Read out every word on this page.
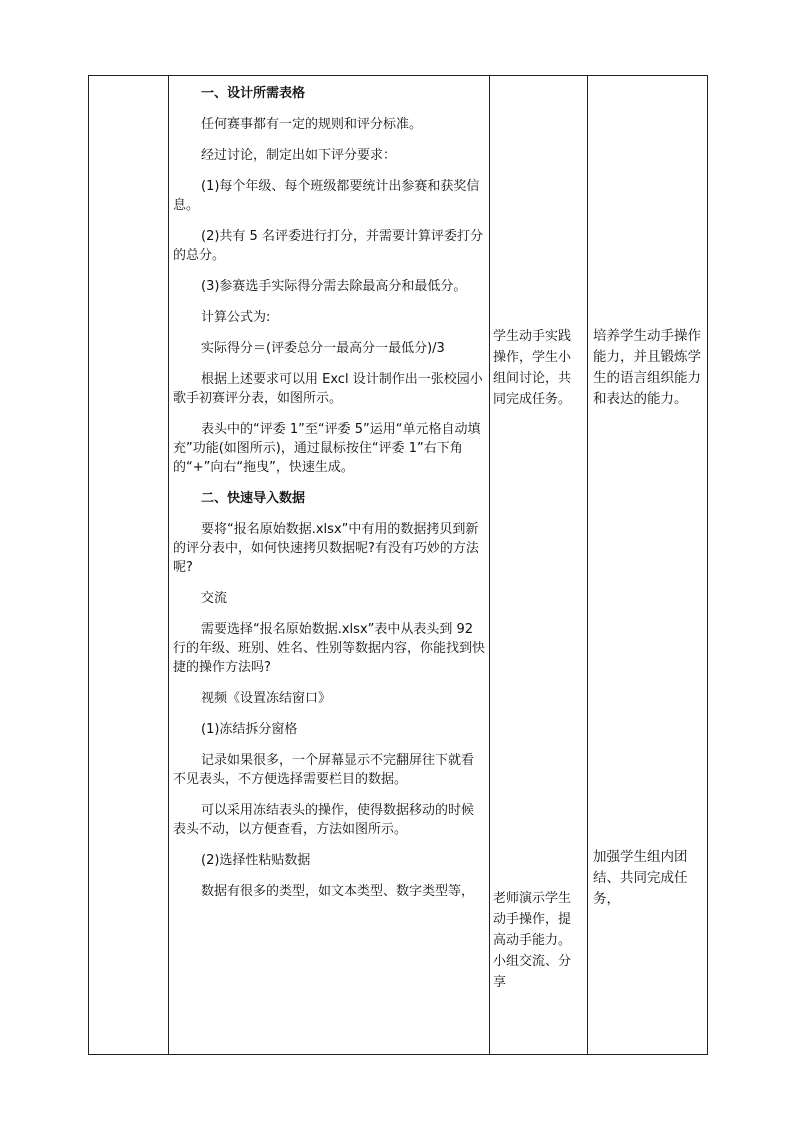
一、设计所需表格

任何赛事都有一定的规则和评分标准。

经过讨论，制定出如下评分要求：

(1)每个年级、每个班级都要统计出参赛和获奖信息。

(2)共有 5 名评委进行打分，并需要计算评委打分的总分。

(3)参赛选手实际得分需去除最高分和最低分。

计算公式为:

实际得分＝(评委总分一最高分一最低分)/3

根据上述要求可以用 Excl 设计制作出一张校园小歌手初赛评分表，如图所示。

表头中的“评委 1”至“评委 5”运用“单元格自动填充”功能(如图所示)，通过鼠标按住“评委 1”右下角的“+”向右“拖曳”，快速生成。

二、快速导入数据

要将“报名原始数据.xlsx”中有用的数据拷贝到新的评分表中，如何快速拷贝数据呢?有没有巧妙的方法呢?

交流

需要选择“报名原始数据.xlsx”表中从表头到 92 行的年级、班别、姓名、性别等数据内容，你能找到快捷的操作方法吗?

视频《设置冻结窗口》

(1)冻结拆分窗格

记录如果很多，一个屏幕显示不完翻屏往下就看不见表头，不方便选择需要栏目的数据。

可以采用冻结表头的操作，使得数据移动的时候表头不动，以方便查看，方法如图所示。

(2)选择性粘贴数据

数据有很多的类型，如文本类型、数字类型等，

学生动手实践操作，学生小组间讨论，共同完成任务。

老师演示学生动手操作，提高动手能力。小组交流、分享

培养学生动手操作能力，并且锻炼学生的语言组织能力和表达的能力。

加强学生组内团结、共同完成任务，
